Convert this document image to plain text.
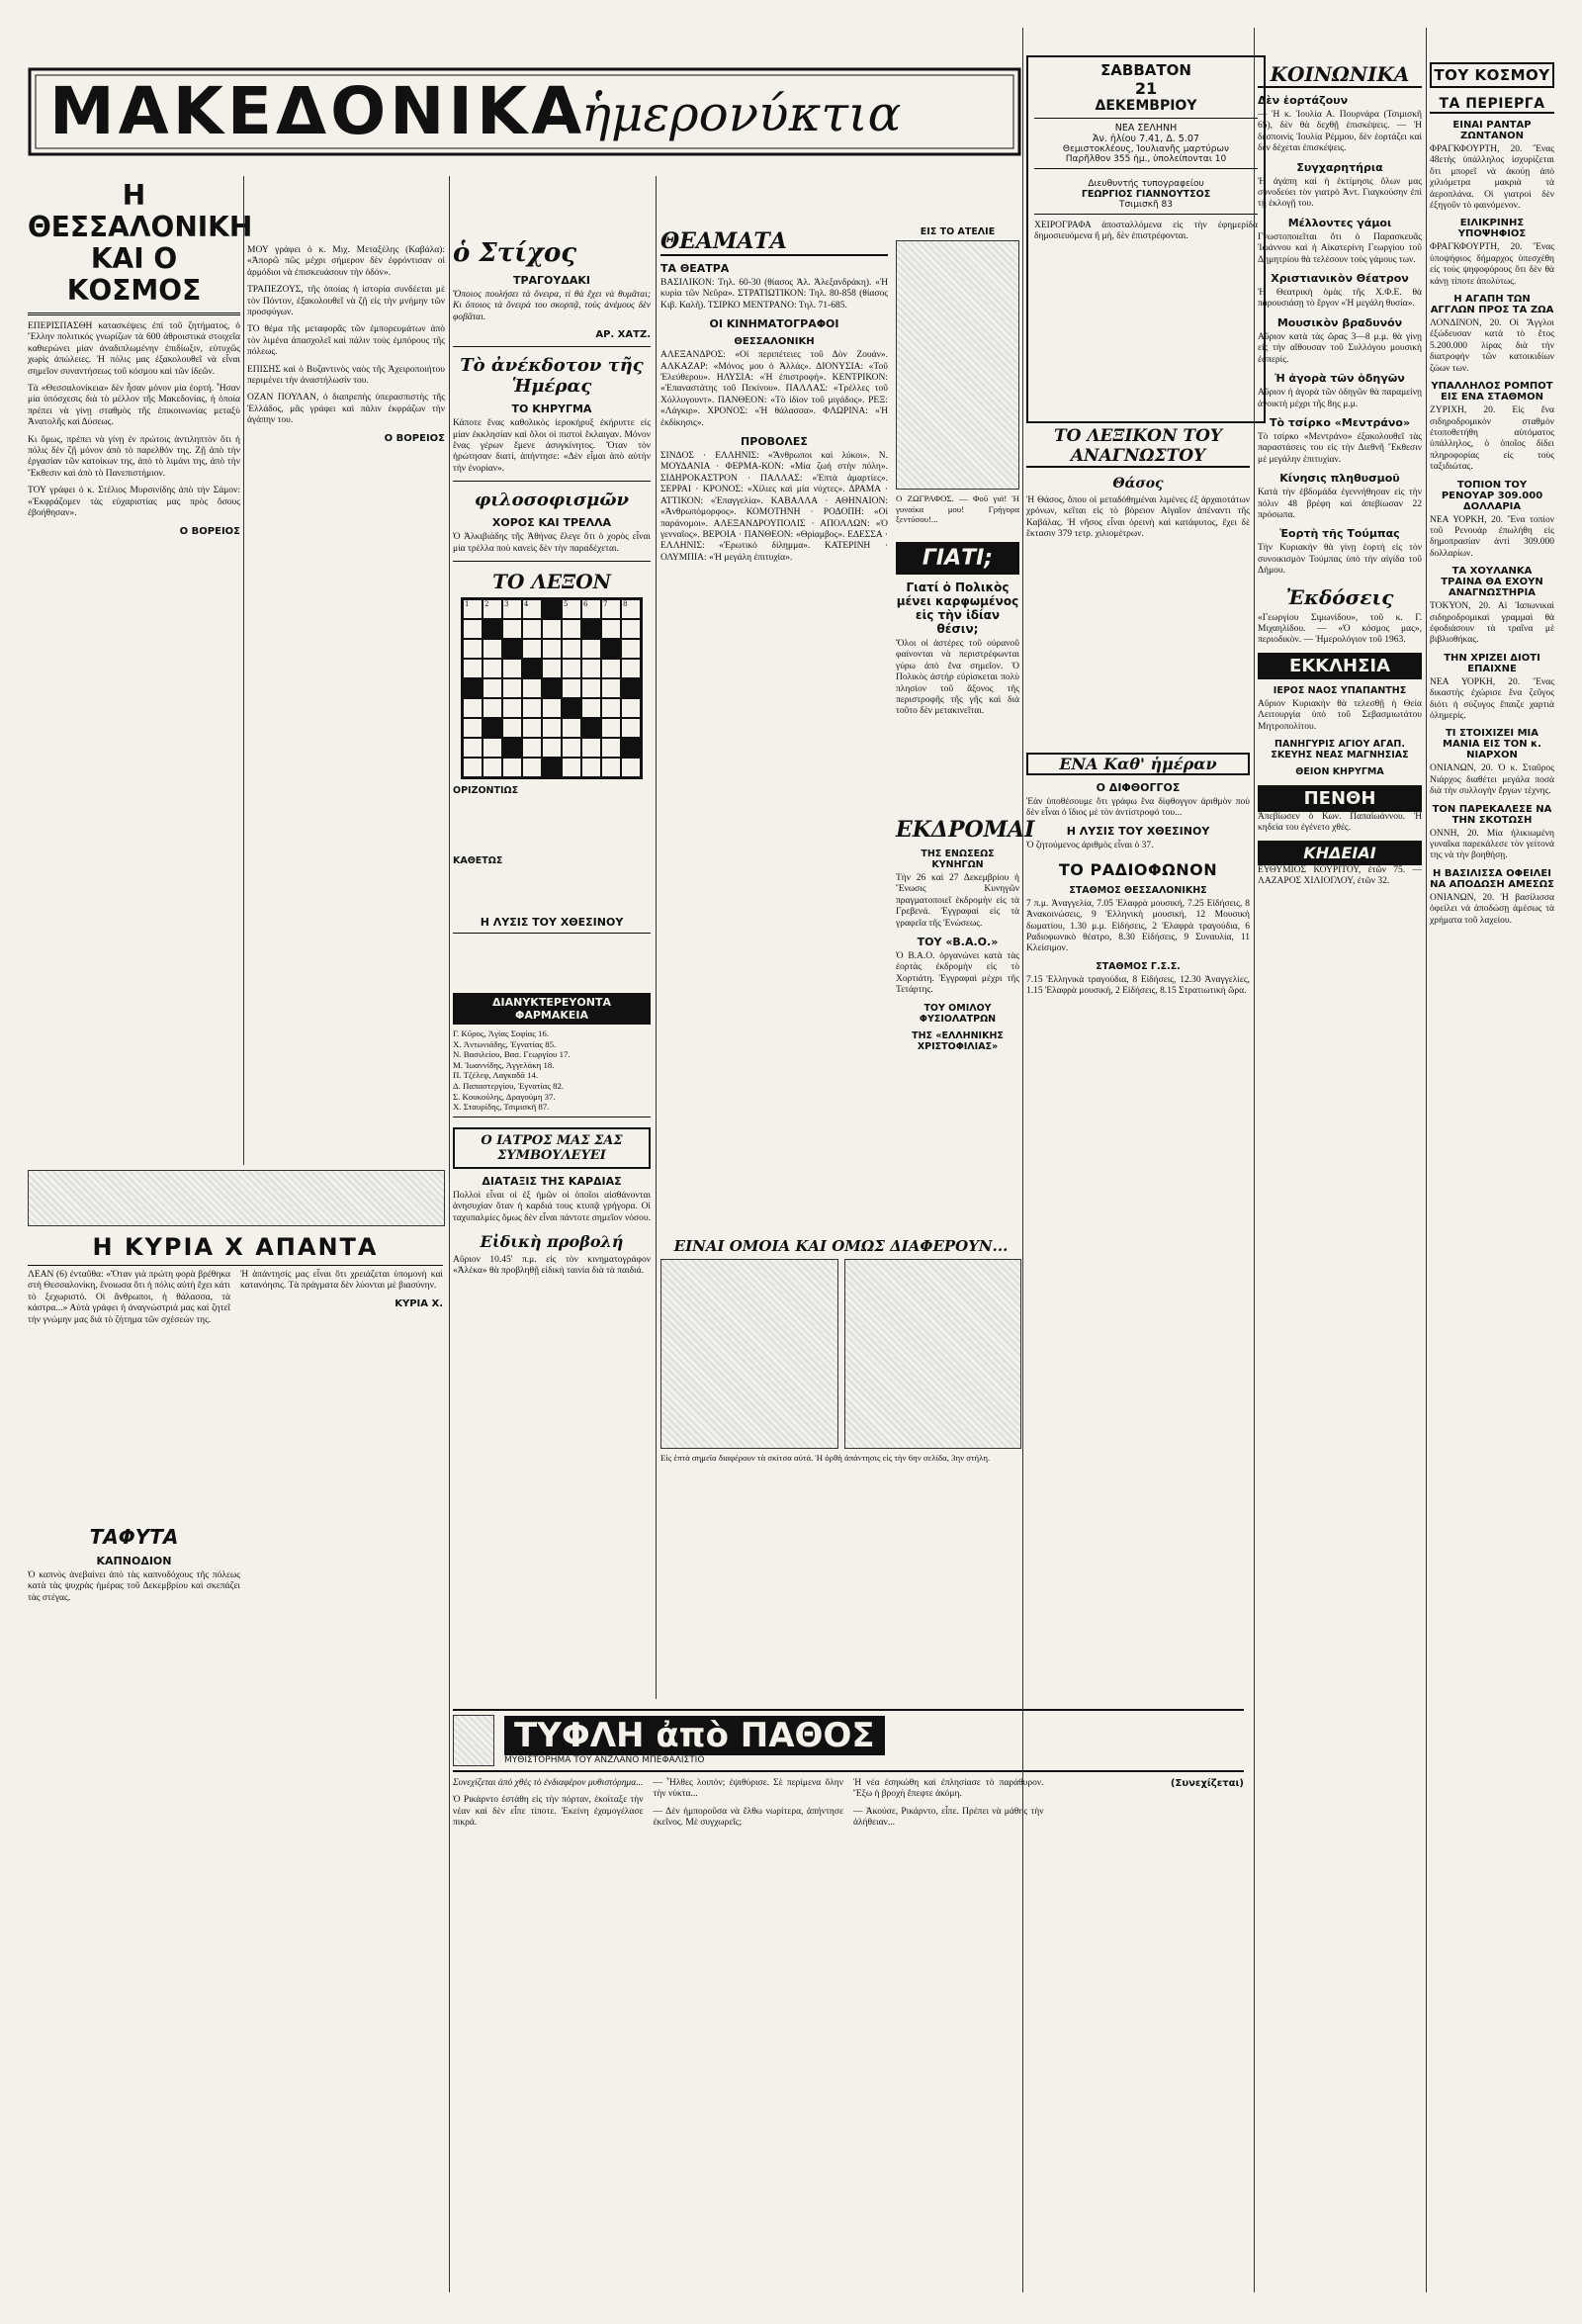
ΜΑΚΕΔΟΝΙΚΑ
ἡμερονύκτια
ΣΑΒΒΑΤΟΝ
21
ΔΕΚΕΜΒΡΙΟΥ
ΝΕΑ ΣΕΛΗΝΗ
Ἀν. ἡλίου 7.41, Δ. 5.07
Θεμιστοκλέους, Ἰουλιανῆς μαρτύρων
Παρῆλθον 355 ἡμ., ὑπολείπονται 10
Διευθυντής τυπογραφείου
ΓΕΩΡΓΙΟΣ ΓΙΑΝΝΟΥΤΣΟΣ
Τσιμισκῆ 83
ΧΕΙΡΟΓΡΑΦΑ ἀποσταλλόμενα εἰς τὴν ἐφημερίδα δημοσιευόμενα ἢ μὴ, δὲν ἐπιστρέφονται.
Η ΘΕΣΣΑΛΟΝΙΚΗ ΚΑΙ Ο ΚΟΣΜΟΣ

ΕΠΕΡΙΣΠΑΣΘΗ κατασκέψεις ἐπί τοῦ ζητήματος, ὁ Ἕλλην πολιτικός γνωρίζων τὰ 600 ἀθροιστικά στοιχεῖα καθιερώνει μίαν ἀναδιπλωμένην ἐπιδίωξιν, εὐτυχῶς χωρὶς ἀπώλειες. Ἡ πόλις μας ἐξακολουθεῖ νὰ εἶναι σημεῖον συναντήσεως τοῦ κόσμου καὶ τῶν ἰδεῶν.

Τὰ «Θεσσαλονίκεια» δὲν ἦσαν μόνον μία ἐορτή. Ἦσαν μία ὑπόσχεσις διὰ τὸ μέλλον τῆς Μακεδονίας, ἡ ὁποία πρέπει νὰ γίνῃ σταθμὸς τῆς ἐπικοινωνίας μεταξὺ Ἀνατολῆς καὶ Δύσεως.

Κι ὅμως, πρέπει νὰ γίνῃ ἐν πρώτοις ἀντιληπτὸν ὅτι ἡ πόλις δὲν ζῇ μόνον ἀπὸ τὸ παρελθόν της. Ζῇ ἀπὸ τὴν ἐργασίαν τῶν κατοίκων της, ἀπὸ τὸ λιμάνι της, ἀπὸ τὴν Ἔκθεσιν καὶ ἀπὸ τὸ Πανεπιστήμιον.

ΤΟΥ γράφει ὁ κ. Στέλιος Μυρσινίδης ἀπὸ τὴν Σάμον: «Ἐκφράζομεν τὰς εὐχαριστίας μας πρὸς ὅσους ἐβοήθησαν».

Ο ΒΟΡΕΙΟΣ

ΜΟΥ γράφει ὁ κ. Μιχ. Μεταξέλης (Καβάλα): «Ἀπορῶ πῶς μέχρι σήμερον δὲν ἐφρόντισαν οἱ ἁρμόδιοι νὰ ἐπισκευάσουν τὴν ὁδόν».

ΤΡΑΠΕΖΟΥΣ, τῆς ὁποίας ἡ ἱστορία συνδέεται μὲ τὸν Πόντον, ἐξακολουθεῖ νὰ ζῇ εἰς τὴν μνήμην τῶν προσφύγων.

ΤΟ θέμα τῆς μεταφορᾶς τῶν ἐμπορευμάτων ἀπὸ τὸν λιμένα ἀπασχολεῖ καὶ πάλιν τοὺς ἐμπόρους τῆς πόλεως.

ΕΠΙΣΗΣ καὶ ὁ Βυζαντινὸς ναὸς τῆς Ἀχειροποιήτου περιμένει τὴν ἀναστήλωσίν του.

ΟΖΑΝ ΠΟΥΛΑΝ, ὁ διαπρεπὴς ὑπερασπιστὴς τῆς Ἑλλάδος, μᾶς γράφει καὶ πάλιν ἐκφράζων τὴν ἀγάπην του.

Ο ΒΟΡΕΙΟΣ
Η ΚΥΡΙΑ Χ ΑΠΑΝΤΑ

ΛΕΑΝ (6) ἐνταῦθα: «Ὅταν γιὰ πρώτη φορὰ βρέθηκα στὴ Θεσσαλονίκη, ἔνοιωσα ὅτι ἡ πόλις αὐτὴ ἔχει κάτι τὸ ξεχωριστό. Οἱ ἄνθρωποι, ἡ θάλασσα, τὰ κάστρα...» Αὐτὰ γράφει ἡ ἀναγνώστριά μας καὶ ζητεῖ τὴν γνώμην μας διὰ τὸ ζήτημα τῶν σχέσεών της.

Ἡ ἀπάντησίς μας εἶναι ὅτι χρειάζεται ὑπομονὴ καὶ κατανόησις. Τὰ πράγματα δὲν λύονται μὲ βιασύνην.

ΚΥΡΙΑ Χ.
ΤΑΦΥΤΑ
ΚΑΠΝΟΔΙΟΝ

Ὁ καπνὸς ἀνεβαίνει ἀπὸ τὰς καπνοδόχους τῆς πόλεως κατὰ τὰς ψυχρὰς ἡμέρας τοῦ Δεκεμβρίου καὶ σκεπάζει τὰς στέγας.

ὁ Στίχος
ΤΡΑΓΟΥΔΑΚΙ

Ὅποιος πουλήσει τὰ ὄνειρα, τὶ θὰ ἔχει νὰ θυμᾶται; Κι ὅποιος τὰ ὄνειρά του σκορπᾷ, τοὺς ἀνέμους δὲν φοβᾶται.

ΑΡ. ΧΑΤΖ.
Τὸ ἀνέκδοτον τῆς Ἡμέρας
ΤΟ ΚΗΡΥΓΜΑ

Κάποτε ἕνας καθολικὸς ἱεροκήρυξ ἐκήρυττε εἰς μίαν ἐκκλησίαν καὶ ὅλοι οἱ πιστοὶ ἔκλαιγαν. Μόνον ἕνας γέρων ἔμενε ἀσυγκίνητος. Ὅταν τὸν ἠρώτησαν διατί, ἀπήντησε: «Δὲν εἶμαι ἀπὸ αὐτὴν τὴν ἐνορίαν».

φιλοσοφισμῶν
ΧΟΡΟΣ ΚΑΙ ΤΡΕΛΛΑ

Ὁ Ἀλκιβιάδης τῆς Ἀθήνας ἔλεγε ὅτι ὁ χορὸς εἶναι μία τρέλλα ποὺ κανεὶς δὲν τὴν παραδέχεται.

ΤΟ ΛΕΞΟΝ
1	2	3	4	5	6	7	8
ΟΡΙΖΟΝΤΙΩΣ
ΚΑΘΕΤΩΣ
Η ΛΥΣΙΣ ΤΟΥ ΧΘΕΣΙΝΟΥ
ΔΙΑΝΥΚΤΕΡΕΥΟΝΤΑ ΦΑΡΜΑΚΕΙΑ
Γ. Κῦρος, Ἁγίας Σοφίας 16.
Χ. Ἀντωνιάδης, Ἐγνατίας 85.
Ν. Βασιλείου, Βασ. Γεωργίου 17.
Μ. Ἰωαννίδης, Ἀγγελάκη 18.
Π. Τζέλεφ, Λαγκαδᾶ 14.
Δ. Παπαστεργίου, Ἐγνατίας 82.
Σ. Κουκούλης, Δραγούμη 37.
Χ. Σταυρίδης, Τσιμισκῆ 87.
Ο ΙΑΤΡΟΣ ΜΑΣ ΣΑΣ ΣΥΜΒΟΥΛΕΥΕΙ
ΔΙΑΤΑΞΙΣ ΤΗΣ ΚΑΡΔΙΑΣ

Πολλοὶ εἶναι οἱ ἐξ ἡμῶν οἱ ὁποῖοι αἰσθάνονται ἀνησυχίαν ὅταν ἡ καρδιά τους κτυπᾷ γρήγορα. Οἱ ταχυπαλμίες ὅμως δὲν εἶναι πάντοτε σημεῖον νόσου.

Εἰδικὴ προβολή

Αὔριον 10.45' π.μ. εἰς τὸν κινηματογράφον «Ἀλέκα» θὰ προβληθῇ εἰδικὴ ταινία διὰ τὰ παιδιά.

ΘΕΑΜΑΤΑ
ΤΑ ΘΕΑΤΡΑ

ΒΑΣΙΛΙΚΟΝ: Τηλ. 60-30 (θίασος Ἀλ. Ἀλεξανδράκη). «Ἡ κυρία τῶν Νεῦρα». ΣΤΡΑΤΙΩΤΙΚΟΝ: Τηλ. 80-858 (θίασος Κιβ. Καλῆ). ΤΣΙΡΚΟ ΜΕΝΤΡΑΝΟ: Τηλ. 71-685.

ΟΙ ΚΙΝΗΜΑΤΟΓΡΑΦΟΙ
ΘΕΣΣΑΛΟΝΙΚΗ

ΑΛΕΞΑΝΔΡΟΣ: «Οἱ περιπέτειες τοῦ Δὸν Ζουάν». ΑΛΚΑΖΑΡ: «Μόνος μου ὁ Ἀλλάς». ΔΙΟΝΥΣΙΑ: «Τοῦ Ἐλεύθερου». ΗΛΥΣΙΑ: «Ἡ ἐπιστροφή». ΚΕΝΤΡΙΚΟΝ: «Ἐπαναστάτης τοῦ Πεκίνου». ΠΑΛΛΑΣ: «Τρέλλες τοῦ Χόλλυγουντ». ΠΑΝΘΕΟΝ: «Τὸ ἰδίον τοῦ μιγάδος». ΡΕΞ: «Λάγκιρ». ΧΡΟΝΟΣ: «Ἡ θάλασσα». ΦΛΩΡΙΝΑ: «Ἡ ἐκδίκησις».

ΠΡΟΒΟΛΕΣ

ΣΙΝΔΟΣ · ΕΛΛΗΝΙΣ: «Ἄνθρωποι καὶ λύκοι». Ν. ΜΟΥΔΑΝΙΑ · ΦΕΡΜΑ-ΚΟΝ: «Μία ζωή στὴν πόλη». ΣΙΔΗΡΟΚΑΣΤΡΟΝ · ΠΑΛΛΑΣ: «Ἐπτὰ ἁμαρτίες». ΣΕΡΡΑΙ · ΚΡΟΝΟΣ: «Χίλιες καὶ μία νύχτες». ΔΡΑΜΑ · ΑΤΤΙΚΟΝ: «Ἐπαγγελία». ΚΑΒΑΛΛΑ · ΑΘΗΝΑΙΟΝ: «Ἀνθρωπόμορφος». ΚΟΜΟΤΗΝΗ · ΡΟΔΟΠΗ: «Οἱ παράνομοι». ΑΛΕΞΑΝΔΡΟΥΠΟΛΙΣ · ΑΠΟΛΛΩΝ: «Ὁ γενναῖος». ΒΕΡΟΙΑ · ΠΑΝΘΕΟΝ: «Θρίαμβος». ΕΔΕΣΣΑ · ΕΛΛΗΝΙΣ: «Ἐρωτικὸ δίλημμα». ΚΑΤΕΡΙΝΗ · ΟΛΥΜΠΙΑ: «Ἡ μεγάλη ἐπιτυχία».

ΕΙΣ ΤΟ ΑΤΕΛΙΕ

Ο ΖΩΓΡΑΦΟΣ. — Φοῦ γιά! Ἡ γυναίκα μου! Γρήγορα ξεντύσου!...

ΓΙΑΤΙ;
Γιατί ὁ Πολικὸς μένει καρφωμένος εἰς τὴν ἰδίαν θέσιν;

Ὅλοι οἱ ἀστέρες τοῦ οὐρανοῦ φαίνονται νὰ περιστρέφωνται γύρω ἀπὸ ἕνα σημεῖον. Ὁ Πολικὸς ἀστὴρ εὑρίσκεται πολὺ πλησίον τοῦ ἄξονος τῆς περιστροφῆς τῆς γῆς καὶ διὰ τοῦτο δὲν μετακινεῖται.

ΕΚΔΡΟΜΑΙ
ΤΗΣ ΕΝΩΣΕΩΣ ΚΥΝΗΓΩΝ

Τὴν 26 καὶ 27 Δεκεμβρίου ἡ Ἕνωσις Κυνηγῶν πραγματοποιεῖ ἐκδρομὴν εἰς τὰ Γρεβενά. Ἐγγραφαὶ εἰς τὰ γραφεῖα τῆς Ἑνώσεως.

ΤΟΥ «Β.Α.Ο.»

Ὁ Β.Α.Ο. ὀργανώνει κατὰ τὰς ἑορτὰς ἐκδρομὴν εἰς τὸ Χορτιάτη. Ἐγγραφαὶ μέχρι τῆς Τετάρτης.

ΤΟΥ ΟΜΙΛΟΥ ΦΥΣΙΟΛΑΤΡΩΝ
ΤΗΣ «ΕΛΛΗΝΙΚΗΣ ΧΡΙΣΤΟΦΙΛΙΑΣ»
ΕΙΝΑΙ ΟΜΟΙΑ ΚΑΙ ΟΜΩΣ ΔΙΑΦΕΡΟΥΝ...

Εἰς ἑπτὰ σημεῖα διαφέρουν τὰ σκίτσα αὐτά. Ἡ ὀρθὴ ἀπάντησις εἰς τὴν 6ην σελίδα, 3ην στήλη.

ΤΥΦΛΗ ἀπὸ ΠΑΘΟΣ
ΜΥΘΙΣΤΟΡΗΜΑ ΤΟΥ ΑΝΖΛΑΝΟ ΜΠΕΦΑΛΙΣΤΙΟ

Συνεχίζεται ἀπὸ χθὲς τὸ ἐνδιαφέρον μυθιστόρημα...

Ὁ Ρικάρντο ἐστάθη εἰς τὴν πόρταν, ἐκοίταξε τὴν νέαν καὶ δὲν εἶπε τίποτε. Ἐκείνη ἐχαμογέλασε πικρά.

— Ἦλθες λοιπόν; ἐψιθύρισε. Σὲ περίμενα ὅλην τὴν νύκτα...

— Δὲν ἠμποροῦσα νὰ ἔλθω νωρίτερα, ἀπήντησε ἐκεῖνος. Μὲ συγχωρεῖς;

Ἡ νέα ἐσηκώθη καὶ ἐπλησίασε τὸ παράθυρον. Ἔξω ἡ βροχὴ ἔπεφτε ἀκόμη.

— Ἀκούσε, Ρικάρντο, εἶπε. Πρέπει νὰ μάθης τὴν ἀλήθειαν...

(Συνεχίζεται)
ΤΟ ΛΕΞΙΚΟΝ ΤΟΥ ΑΝΑΓΝΩΣΤΟΥ
Θάσος

Ἡ Θάσος, ὅπου οἱ μεταδόθημέναι λιμένες ἐξ ἀρχαιοτάτων χρόνων, κεῖται εἰς τὸ βόρειον Αἰγαῖον ἀπέναντι τῆς Καβάλας. Ἡ νῆσος εἶναι ὀρεινὴ καὶ κατάφυτος, ἔχει δὲ ἔκτασιν 379 τετρ. χιλιομέτρων.

ΕΝΑ Καθ' ἡμέραν
Ο ΔΙΦΘΟΓΓΟΣ

Ἐὰν ὑποθέσουμε ὅτι γράφω ἕνα δίφθογγον ἀριθμὸν ποὺ δὲν εἶναι ὁ ἴδιος μὲ τὸν ἀντίστροφό του...

Η ΛΥΣΙΣ ΤΟΥ ΧΘΕΣΙΝΟΥ

Ὁ ζητούμενος ἀριθμὸς εἶναι ὁ 37.

ΤΟ ΡΑΔΙΟΦΩΝΟΝ
ΣΤΑΘΜΟΣ ΘΕΣΣΑΛΟΝΙΚΗΣ

7 π.μ. Ἀναγγελία, 7.05 Ἐλαφρὰ μουσική, 7.25 Εἰδήσεις, 8 Ἀνακοινώσεις, 9 Ἑλληνικὴ μουσική, 12 Μουσικὴ δωματίου, 1.30 μ.μ. Εἰδήσεις, 2 Ἐλαφρὰ τραγούδια, 6 Ραδιοφωνικὸ θέατρο, 8.30 Εἰδήσεις, 9 Συναυλία, 11 Κλείσιμον.

ΣΤΑΘΜΟΣ Γ.Σ.Σ.

7.15 Ἑλληνικὰ τραγούδια, 8 Εἰδήσεις, 12.30 Ἀναγγελίες, 1.15 Ἐλαφρὰ μουσική, 2 Εἰδήσεις, 8.15 Στρατιωτικὴ ὥρα.

ΚΟΙΝΩΝΙΚΑ
Δὲν ἑορτάζουν

— Ἡ κ. Ἰουλία Α. Πουρνάρα (Τσιμισκῆ 65), δὲν θὰ δεχθῇ ἐπισκέψεις. — Ἡ δεσποινὶς Ἰουλία Ρέμμου, δὲν ἑορτάζει καὶ δὲν δέχεται ἐπισκέψεις.

Συγχαρητήρια

Ἡ ἀγάπη καὶ ἡ ἐκτίμησις ὅλων μας συνοδεύει τὸν γιατρὸ Ἀντ. Γιαγκούσην ἐπὶ τῇ ἐκλογῇ του.

Μέλλοντες γάμοι

Γνωστοποιεῖται ὅτι ὁ Παρασκευᾶς Ἰωάννου καὶ ἡ Αἰκατερίνη Γεωργίου τοῦ Δημητρίου θὰ τελέσουν τοὺς γάμους των.

Χριστιανικὸν Θέατρον

Ἡ Θεατρικὴ ὁμὰς τῆς Χ.Φ.Ε. θὰ παρουσιάσῃ τὸ ἔργον «Ἡ μεγάλη θυσία».

Μουσικὸν βραδυνόν

Αὔριον κατὰ τὰς ὥρας 3—8 μ.μ. θὰ γίνῃ εἰς τὴν αἴθουσαν τοῦ Συλλόγου μουσικὴ ἐσπερίς.

Ἡ ἀγορὰ τῶν ὁδηγῶν

Αὔριον ἡ ἀγορὰ τῶν ὁδηγῶν θὰ παραμείνῃ ἀνοικτὴ μέχρι τῆς 8ης μ.μ.

Τὸ τσίρκο «Μεντράνο»

Τὸ τσίρκο «Μεντράνο» ἐξακολουθεῖ τὰς παραστάσεις του εἰς τὴν Διεθνῆ Ἔκθεσιν μὲ μεγάλην ἐπιτυχίαν.

Κίνησις πληθυσμοῦ

Κατὰ τὴν ἑβδομάδα ἐγεννήθησαν εἰς τὴν πόλιν 48 βρέφη καὶ ἀπεβίωσαν 22 πρόσωπα.

Ἑορτὴ τῆς Τούμπας

Τὴν Κυριακὴν θὰ γίνῃ ἑορτὴ εἰς τὸν συνοικισμὸν Τούμπας ὑπὸ τὴν αἰγίδα τοῦ Δήμου.

Ἐκδόσεις

«Γεωργίου Σιμωνίδου», τοῦ κ. Γ. Μιχαηλίδου. — «Ὁ κόσμος μας», περιοδικὸν. — Ἡμερολόγιον τοῦ 1963.

ΕΚΚΛΗΣΙΑ
ΙΕΡΟΣ ΝΑΟΣ ΥΠΑΠΑΝΤΗΣ

Αὔριον Κυριακὴν θὰ τελεσθῇ ἡ Θεία Λειτουργία ὑπὸ τοῦ Σεβασμιωτάτου Μητροπολίτου.

ΠΑΝΗΓΥΡΙΣ ΑΓΙΟΥ ΑΓΑΠ. ΣΚΕΥΗΣ ΝΕΑΣ ΜΑΓΝΗΣΙΑΣ
ΘΕΙΟΝ ΚΗΡΥΓΜΑ
ΠΕΝΘΗ

Ἀπεβίωσεν ὁ Κων. Παπαϊωάννου. Ἡ κηδεία του ἐγένετο χθές.

ΚΗΔΕΙΑΙ

ΕΥΘΥΜΙΟΣ ΚΟΥΡΙΤΟΥ, ἐτῶν 75. — ΛΑΖΑΡΟΣ ΧΙΛΙΟΓΛΟΥ, ἐτῶν 32.

ΤΟΥ ΚΟΣΜΟΥ
ΤΑ ΠΕΡΙΕΡΓΑ
ΕΙΝΑΙ ΡΑΝΤΑΡ ΖΩΝΤΑΝΟΝ

ΦΡΑΓΚΦΟΥΡΤΗ, 20. Ἕνας 48ετὴς ὑπάλληλος ἰσχυρίζεται ὅτι μπορεῖ νὰ ἀκούῃ ἀπὸ χιλιόμετρα μακριὰ τὰ ἀεροπλάνα. Οἱ γιατροὶ δὲν ἐξηγοῦν τὸ φαινόμενον.

ΕΙΛΙΚΡΙΝΗΣ ΥΠΟΨΗΦΙΟΣ

ΦΡΑΓΚΦΟΥΡΤΗ, 20. Ἕνας ὑποψήφιος δήμαρχος ὑπεσχέθη εἰς τοὺς ψηφοφόρους ὅτι δὲν θὰ κάνῃ τίποτε ἀπολύτως.

Η ΑΓΑΠΗ ΤΩΝ ΑΓΓΛΩΝ ΠΡΟΣ ΤΑ ΖΩΑ

ΛΟΝΔΙΝΟΝ, 20. Οἱ Ἄγγλοι ἐξώδευσαν κατὰ τὸ ἔτος 5.200.000 λίρας διὰ τὴν διατροφὴν τῶν κατοικιδίων ζώων των.

ΥΠΑΛΛΗΛΟΣ ΡΟΜΠΟΤ ΕΙΣ ΕΝΑ ΣΤΑΘΜΟΝ

ΖΥΡΙΧΗ, 20. Εἰς ἕνα σιδηροδρομικὸν σταθμὸν ἐτοποθετήθη αὐτόματος ὑπάλληλος, ὁ ὁποῖος δίδει πληροφορίας εἰς τοὺς ταξιδιώτας.

ΤΟΠΙΟΝ ΤΟΥ ΡΕΝΟΥΑΡ 309.000 ΔΟΛΛΑΡΙΑ

ΝΕΑ ΥΟΡΚΗ, 20. Ἕνα τοπίον τοῦ Ρενουάρ ἐπωλήθη εἰς δημοπρασίαν ἀντὶ 309.000 δολλαρίων.

ΤΑ ΧΟΥΛΑΝΚΑ ΤΡΑΙΝΑ ΘΑ ΕΧΟΥΝ ΑΝΑΓΝΩΣΤΗΡΙΑ

ΤΟΚΥΟΝ, 20. Αἱ Ἰαπωνικαὶ σιδηροδρομικαὶ γραμμαὶ θὰ ἐφοδιάσουν τὰ τραῖνα μὲ βιβλιοθήκας.

ΤΗΝ ΧΡΙΖΕΙ ΔΙΟΤΙ ΕΠΑΙΧΝΕ

ΝΕΑ ΥΟΡΚΗ, 20. Ἕνας δικαστὴς ἐχώρισε ἕνα ζεῦγος διότι ἡ σύζυγος ἔπαιζε χαρτιὰ ὁλημερίς.

ΤΙ ΣΤΟΙΧΙΖΕΙ ΜΙΑ ΜΑΝΙΑ ΕΙΣ ΤΟΝ κ. ΝΙΑΡΧΟΝ

ΟΝΙΑΝΩΝ, 20. Ὁ κ. Σταῦρος Νιάρχος διαθέτει μεγάλα ποσὰ διὰ τὴν συλλογὴν ἔργων τέχνης.

ΤΟΝ ΠΑΡΕΚΑΛΕΣΕ ΝΑ ΤΗΝ ΣΚΟΤΩΣΗ

ΟΝΝΗ, 20. Μία ἡλικιωμένη γυναῖκα παρεκάλεσε τὸν γείτονά της νὰ τὴν βοηθήσῃ.

Η ΒΑΣΙΛΙΣΣΑ ΟΦΕΙΛΕΙ ΝΑ ΑΠΟΔΩΣΗ ΑΜΕΣΩΣ

ΟΝΙΑΝΩΝ, 20. Ἡ βασίλισσα ὀφείλει νὰ ἀποδώσῃ ἀμέσως τὰ χρήματα τοῦ λαχείου.
